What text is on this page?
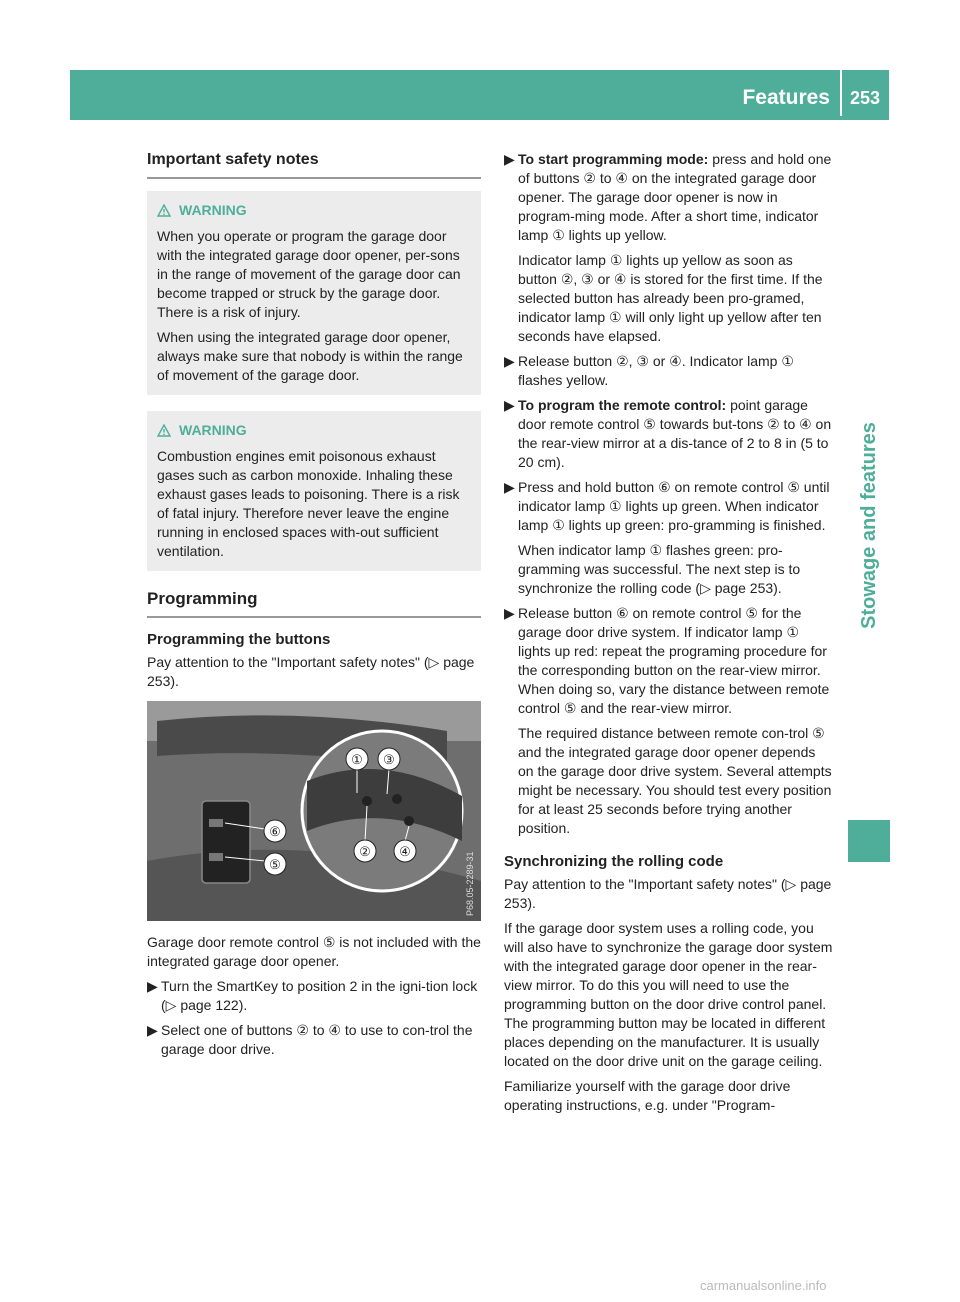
Features	253
Stowage and features
Important safety notes
WARNING

When you operate or program the garage door with the integrated garage door opener, per-sons in the range of movement of the garage door can become trapped or struck by the garage door. There is a risk of injury.

When using the integrated garage door opener, always make sure that nobody is within the range of movement of the garage door.

WARNING

Combustion engines emit poisonous exhaust gases such as carbon monoxide. Inhaling these exhaust gases leads to poisoning. There is a risk of fatal injury. Therefore never leave the engine running in enclosed spaces with-out sufficient ventilation.

Programming
Programming the buttons

Pay attention to the "Important safety notes" (▷ page 253).

① ③
② ④
⑥
⑤	P68.05-2289-31

Garage door remote control ⑤ is not included with the integrated garage door opener.

▶ Turn the SmartKey to position 2 in the igni-tion lock (▷ page 122).
▶ Select one of buttons ② to ④ to use to con-trol the garage door drive.
▶ To start programming mode: press and hold one of buttons ② to ④ on the integrated garage door opener. The garage door opener is now in program-ming mode. After a short time, indicator lamp ① lights up yellow.

Indicator lamp ① lights up yellow as soon as button ②, ③ or ④ is stored for the first time. If the selected button has already been pro-gramed, indicator lamp ① will only light up yellow after ten seconds have elapsed.

▶ Release button ②, ③ or ④. Indicator lamp ① flashes yellow.
▶ To program the remote control: point garage door remote control ⑤ towards but-tons ② to ④ on the rear-view mirror at a dis-tance of 2 to 8 in (5 to 20 cm).
▶ Press and hold button ⑥ on remote control ⑤ until indicator lamp ① lights up green. When indicator lamp ① lights up green: pro-gramming is finished.

When indicator lamp ① flashes green: pro-gramming was successful. The next step is to synchronize the rolling code (▷ page 253).

▶ Release button ⑥ on remote control ⑤ for the garage door drive system. If indicator lamp ① lights up red: repeat the programing procedure for the corresponding button on the rear-view mirror. When doing so, vary the distance between remote control ⑤ and the rear-view mirror.

The required distance between remote con-trol ⑤ and the integrated garage door opener depends on the garage door drive system. Several attempts might be necessary. You should test every position for at least 25 seconds before trying another position.

Synchronizing the rolling code

Pay attention to the "Important safety notes" (▷ page 253).

If the garage door system uses a rolling code, you will also have to synchronize the garage door system with the integrated garage door opener in the rear-view mirror. To do this you will need to use the programming button on the door drive control panel. The programming button may be located in different places depending on the manufacturer. It is usually located on the door drive unit on the garage ceiling.

Familiarize yourself with the garage door drive operating instructions, e.g. under "Program-

carmanualsonline.info
